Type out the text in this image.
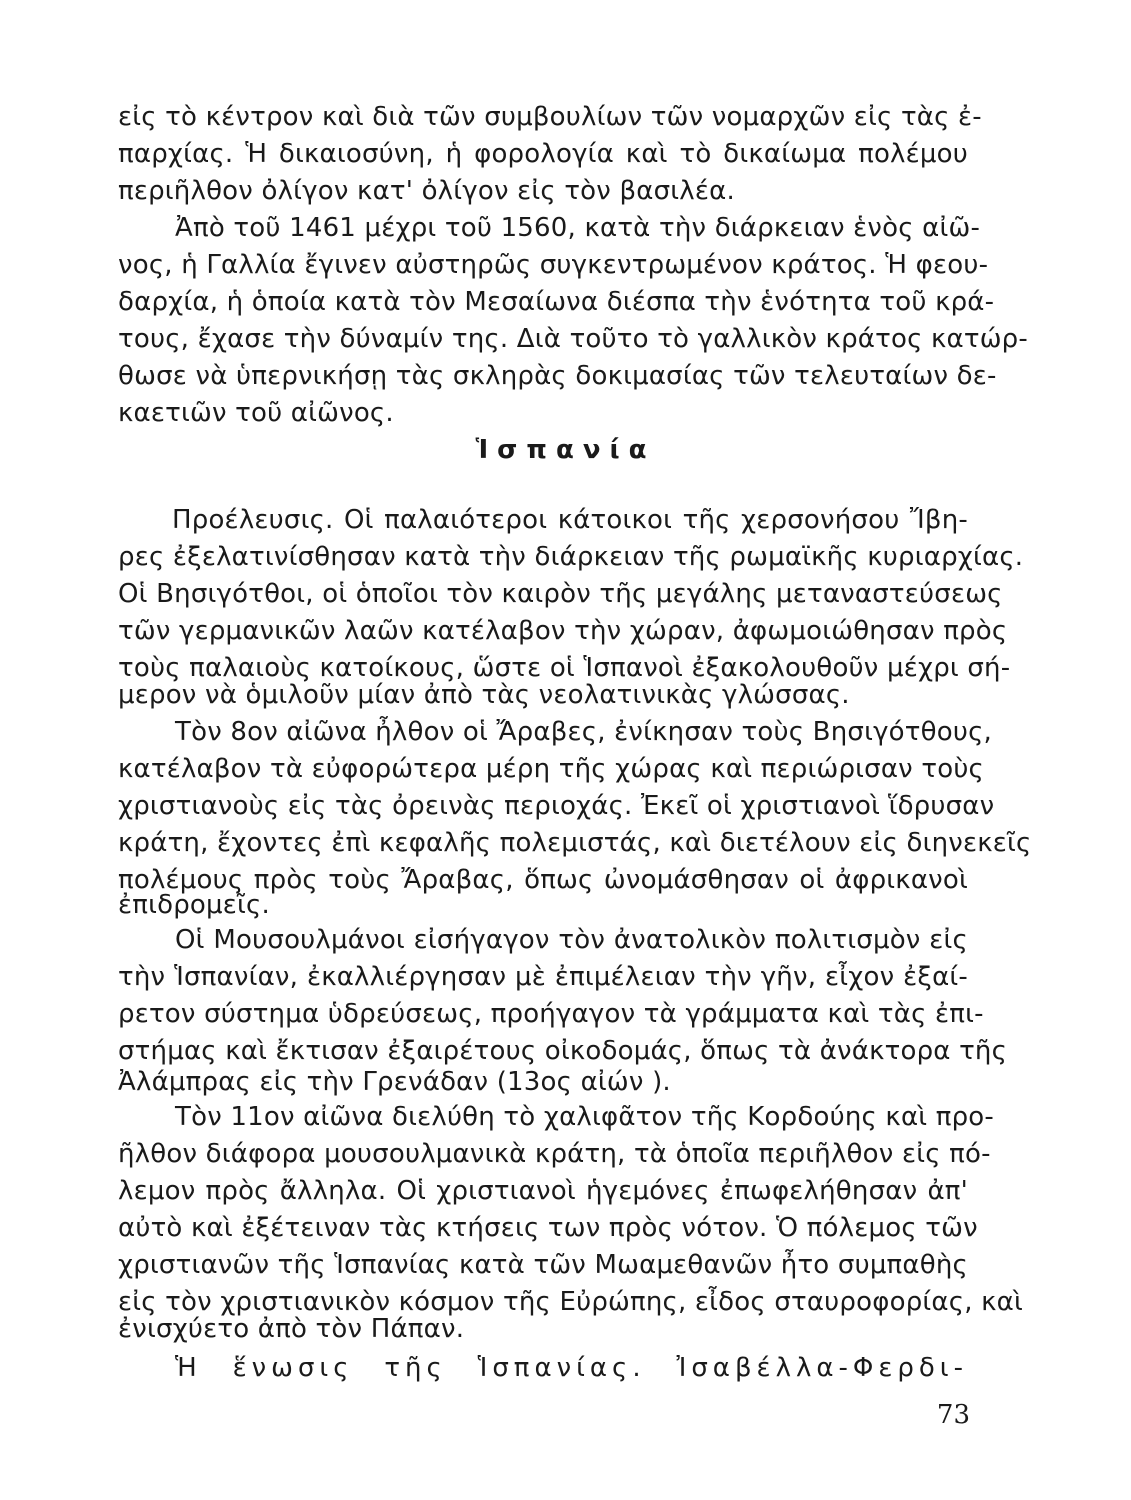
εἰς τὸ κέντρον καὶ διὰ τῶν συμβουλίων τῶν νομαρχῶν εἰς τὰς ἐ-
παρχίας. Ἡ δικαιοσύνη, ἡ φορολογία καὶ τὸ δικαίωμα πολέμου
περιῆλθον ὀλίγον κατ' ὀλίγον εἰς τὸν βασιλέα.
Ἀπὸ τοῦ 1461 μέχρι τοῦ 1560, κατὰ τὴν διάρκειαν ἑνὸς αἰῶ-
νος, ἡ Γαλλία ἔγινεν αὐστηρῶς συγκεντρωμένον κράτος. Ἡ φεου-
δαρχία, ἡ ὁποία κατὰ τὸν Μεσαίωνα διέσπα τὴν ἑνότητα τοῦ κρά-
τους, ἔχασε τὴν δύναμίν της. Διὰ τοῦτο τὸ γαλλικὸν κράτος κατώρ-
θωσε νὰ ὑπερνικήσῃ τὰς σκληρὰς δοκιμασίας τῶν τελευταίων δε-
καετιῶν τοῦ αἰῶνος.
Ἱσπανία
Προέλευσις. Οἱ παλαιότεροι κάτοικοι τῆς χερσονήσου Ἴβη-
ρες ἐξελατινίσθησαν κατὰ τὴν διάρκειαν τῆς ρωμαϊκῆς κυριαρχίας.
Οἱ Βησιγότθοι, οἱ ὁποῖοι τὸν καιρὸν τῆς μεγάλης μεταναστεύσεως
τῶν γερμανικῶν λαῶν κατέλαβον τὴν χώραν, ἀφωμοιώθησαν πρὸς
τοὺς παλαιοὺς κατοίκους, ὥστε οἱ Ἱσπανοὶ ἐξακολουθοῦν μέχρι σή-
μερον νὰ ὁμιλοῦν μίαν ἀπὸ τὰς νεολατινικὰς γλώσσας.
Τὸν 8ον αἰῶνα ἦλθον οἱ Ἄραβες, ἐνίκησαν τοὺς Βησιγότθους,
κατέλαβον τὰ εὐφορώτερα μέρη τῆς χώρας καὶ περιώρισαν τοὺς
χριστιανοὺς εἰς τὰς ὀρεινὰς περιοχάς. Ἐκεῖ οἱ χριστιανοὶ ἵδρυσαν
κράτη, ἔχοντες ἐπὶ κεφαλῆς πολεμιστάς, καὶ διετέλουν εἰς διηνεκεῖς
πολέμους πρὸς τοὺς Ἄραβας, ὅπως ὠνομάσθησαν οἱ ἀφρικανοὶ
ἐπιδρομεῖς.
Οἱ Μουσουλμάνοι εἰσήγαγον τὸν ἀνατολικὸν πολιτισμὸν εἰς
τὴν Ἱσπανίαν, ἐκαλλιέργησαν μὲ ἐπιμέλειαν τὴν γῆν, εἶχον ἐξαί-
ρετον σύστημα ὑδρεύσεως, προήγαγον τὰ γράμματα καὶ τὰς ἐπι-
στήμας καὶ ἔκτισαν ἐξαιρέτους οἰκοδομάς, ὅπως τὰ ἀνάκτορα τῆς
Ἀλάμπρας εἰς τὴν Γρενάδαν (13ος αἰών ).
Τὸν 11ον αἰῶνα διελύθη τὸ χαλιφᾶτον τῆς Κορδούης καὶ προ-
ῆλθον διάφορα μουσουλμανικὰ κράτη, τὰ ὁποῖα περιῆλθον εἰς πό-
λεμον πρὸς ἄλληλα. Οἱ χριστιανοὶ ἡγεμόνες ἐπωφελήθησαν ἀπ'
αὐτὸ καὶ ἐξέτειναν τὰς κτήσεις των πρὸς νότον. Ὁ πόλεμος τῶν
χριστιανῶν τῆς Ἱσπανίας κατὰ τῶν Μωαμεθανῶν ἦτο συμπαθὴς
εἰς τὸν χριστιανικὸν κόσμον τῆς Εὐρώπης, εἶδος σταυροφορίας, καὶ
ἐνισχύετο ἀπὸ τὸν Πάπαν.
Ἡ ἕνωσις τῆς Ἱσπανίας. Ἰσαβέλλα-Φερδι-
73
